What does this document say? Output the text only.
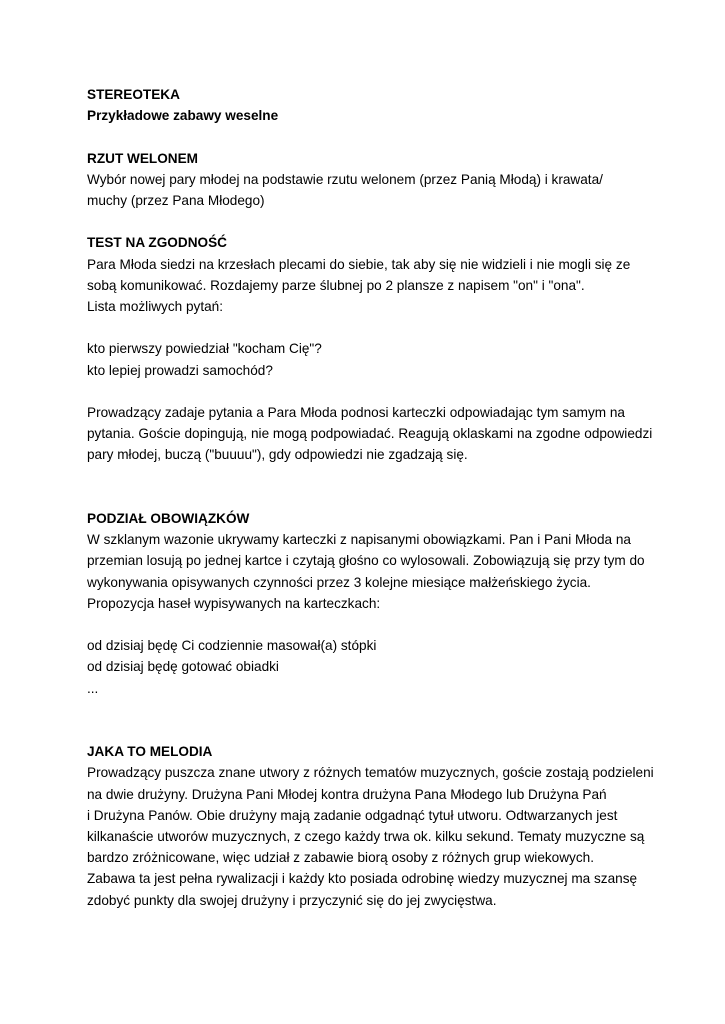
STEREOTEKA
Przykładowe zabawy weselne
RZUT WELONEM
Wybór nowej pary młodej na podstawie rzutu welonem (przez Panią Młodą) i krawata/
muchy (przez Pana Młodego)
TEST NA ZGODNOŚĆ
Para Młoda siedzi na krzesłach plecami do siebie, tak aby się nie widzieli i nie mogli się ze
sobą komunikować. Rozdajemy parze ślubnej po 2 plansze z napisem "on" i "ona".
Lista możliwych pytań:
kto pierwszy powiedział "kocham Cię"?
kto lepiej prowadzi samochód?
Prowadzący zadaje pytania a Para Młoda podnosi karteczki odpowiadając tym samym na
pytania. Goście dopingują, nie mogą podpowiadać. Reagują oklaskami na zgodne odpowiedzi
pary młodej, buczą ("buuuu"), gdy odpowiedzi nie zgadzają się.
PODZIAŁ OBOWIĄZKÓW
W szklanym wazonie ukrywamy karteczki z napisanymi obowiązkami. Pan i Pani Młoda na
przemian losują po jednej kartce i czytają głośno co wylosowali. Zobowiązują się przy tym do
wykonywania opisywanych czynności przez 3 kolejne miesiące małżeńskiego życia.
Propozycja haseł wypisywanych na karteczkach:
od dzisiaj będę Ci codziennie masował(a) stópki
od dzisiaj będę gotować obiadki
...
JAKA TO MELODIA
Prowadzący puszcza znane utwory z różnych tematów muzycznych, goście zostają podzieleni
na dwie drużyny. Drużyna Pani Młodej kontra drużyna Pana Młodego lub Drużyna Pań
i Drużyna Panów. Obie drużyny mają zadanie odgadnąć tytuł utworu. Odtwarzanych jest
kilkanaście utworów muzycznych, z czego każdy trwa ok. kilku sekund. Tematy muzyczne są
bardzo zróżnicowane, więc udział z zabawie biorą osoby z różnych grup wiekowych.
Zabawa ta jest pełna rywalizacji i każdy kto posiada odrobinę wiedzy muzycznej ma szansę
zdobyć punkty dla swojej drużyny i przyczynić się do jej zwycięstwa.
